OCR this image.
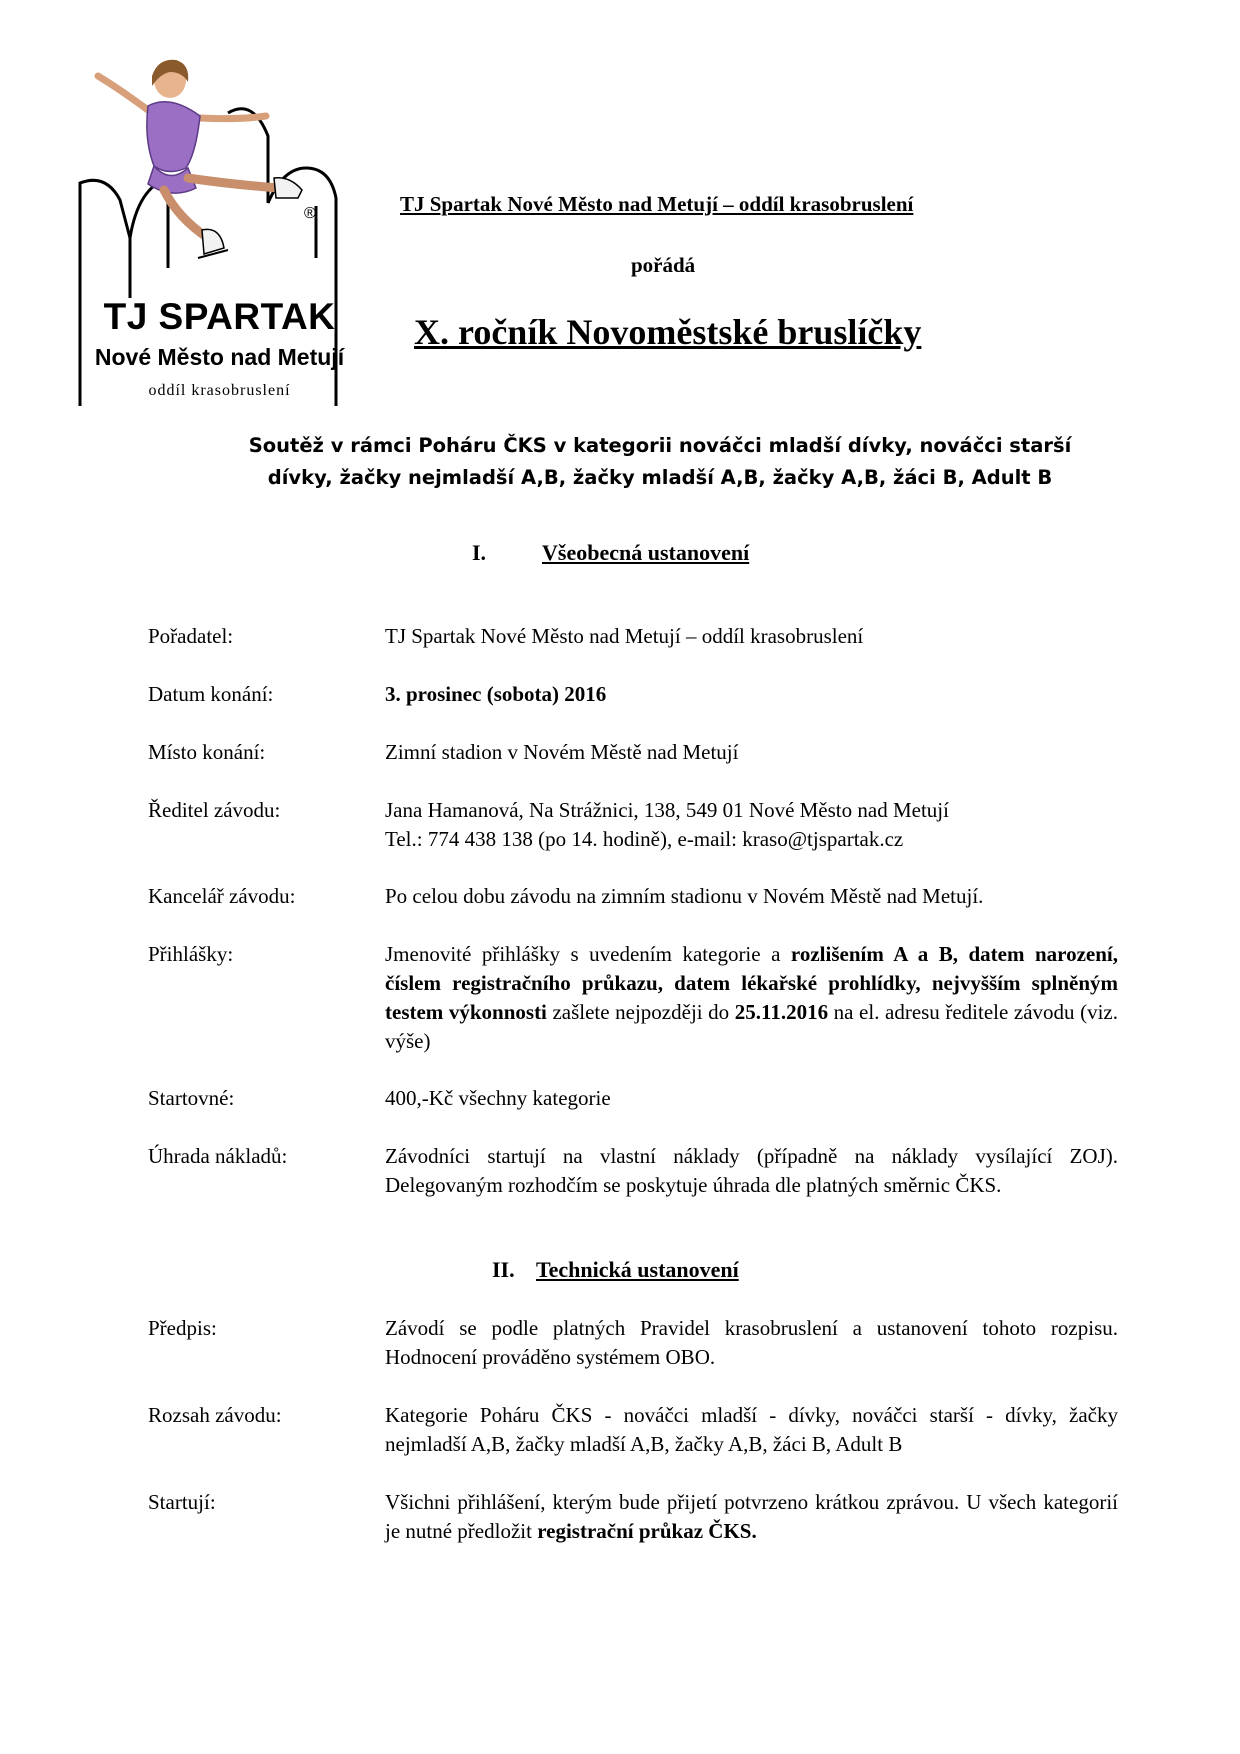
®
TJ SPARTAK
Nové Město nad Metují
oddíl krasobruslení
TJ Spartak Nové Město nad Metují – oddíl krasobruslení
pořádá
X. ročník Novoměstské bruslíčky
Soutěž v rámci Poháru ČKS v kategorii nováčci mladší dívky, nováčci starší
dívky, žačky nejmladší A,B, žačky mladší A,B, žačky A,B, žáci B, Adult B
I.	Všeobecná ustanovení
Pořadatel:	TJ Spartak Nové Město nad Metují – oddíl krasobruslení
Datum konání:	3. prosinec (sobota) 2016
Místo konání:	Zimní stadion v Novém Městě nad Metují
Ředitel závodu:	Jana Hamanová, Na Strážnici, 138, 549 01 Nové Město nad Metují
Tel.: 774 438 138 (po 14. hodině), e-mail: kraso@tjspartak.cz
Kancelář závodu:	Po celou dobu závodu na zimním stadionu v Novém Městě nad Metují.
Přihlášky:	Jmenovité přihlášky s uvedením kategorie a rozlišením A a B, datem narození, číslem registračního průkazu, datem lékařské prohlídky, nejvyšším splněným testem výkonnosti zašlete nejpozději do 25.11.2016 na el. adresu ředitele závodu (viz. výše)
Startovné:	400,-Kč všechny kategorie
Úhrada nákladů:	Závodníci startují na vlastní náklady (případně na náklady vysílající ZOJ). Delegovaným rozhodčím se poskytuje úhrada dle platných směrnic ČKS.
II. Technická ustanovení
Předpis:	Závodí se podle platných Pravidel krasobruslení a ustanovení tohoto rozpisu. Hodnocení prováděno systémem OBO.
Rozsah závodu:	Kategorie Poháru ČKS - nováčci mladší - dívky, nováčci starší - dívky, žačky nejmladší A,B, žačky mladší A,B, žačky A,B, žáci B, Adult B
Startují:	Všichni přihlášení, kterým bude přijetí potvrzeno krátkou zprávou. U všech kategorií je nutné předložit registrační průkaz ČKS.
